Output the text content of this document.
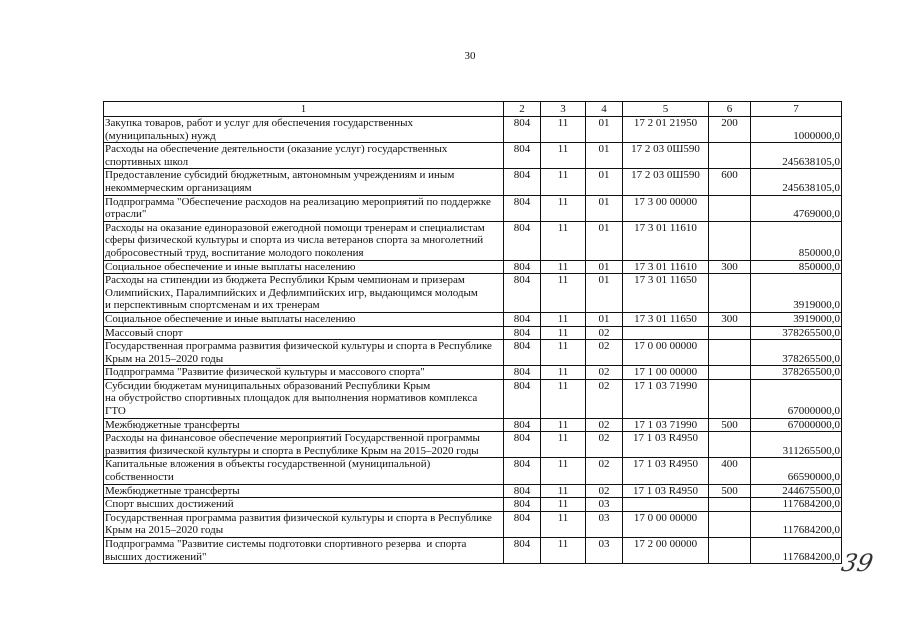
30
1	2	3	4	5	6	7
Закупка товаров, работ и услуг для обеспечения государственных
(муниципальных) нужд	804	11	01	17 2 01 21950	200	1000000,0
Расходы на обеспечение деятельности (оказание услуг) государственных
спортивных школ	804	11	01	17 2 03 0Ш590		245638105,0
Предоставление субсидий бюджетным, автономным учреждениям и иным
некоммерческим организациям	804	11	01	17 2 03 0Ш590	600	245638105,0
Подпрограмма "Обеспечение расходов на реализацию мероприятий по поддержке
отрасли"	804	11	01	17 3 00 00000		4769000,0
Расходы на оказание единоразовой ежегодной помощи тренерам и специалистам
сферы физической культуры и спорта из числа ветеранов спорта за многолетний
добросовестный труд, воспитание молодого поколения	804	11	01	17 3 01 11610		850000,0
Социальное обеспечение и иные выплаты населению	804	11	01	17 3 01 11610	300	850000,0
Расходы на стипендии из бюджета Республики Крым чемпионам и призерам
Олимпийских, Паралимпийских и Дефлимпийских игр, выдающимся молодым
и перспективным спортсменам и их тренерам	804	11	01	17 3 01 11650		3919000,0
Социальное обеспечение и иные выплаты населению	804	11	01	17 3 01 11650	300	3919000,0
Массовый спорт	804	11	02			378265500,0
Государственная программа развития физической культуры и спорта в Республике
Крым на 2015–2020 годы	804	11	02	17 0 00 00000		378265500,0
Подпрограмма "Развитие физической культуры и массового спорта"	804	11	02	17 1 00 00000		378265500,0
Субсидии бюджетам муниципальных образований Республики Крым
на обустройство спортивных площадок для выполнения нормативов комплекса
ГТО	804	11	02	17 1 03 71990		67000000,0
Межбюджетные трансферты	804	11	02	17 1 03 71990	500	67000000,0
Расходы на финансовое обеспечение мероприятий Государственной программы
развития физической культуры и спорта в Республике Крым на 2015–2020 годы	804	11	02	17 1 03 R4950		311265500,0
Капитальные вложения в объекты государственной (муниципальной)
собственности	804	11	02	17 1 03 R4950	400	66590000,0
Межбюджетные трансферты	804	11	02	17 1 03 R4950	500	244675500,0
Спорт высших достижений	804	11	03			117684200,0
Государственная программа развития физической культуры и спорта в Республике
Крым на 2015–2020 годы	804	11	03	17 0 00 00000		117684200,0
Подпрограмма "Развитие системы подготовки спортивного резерва  и спорта
высших достижений"	804	11	03	17 2 00 00000		117684200,0 39
